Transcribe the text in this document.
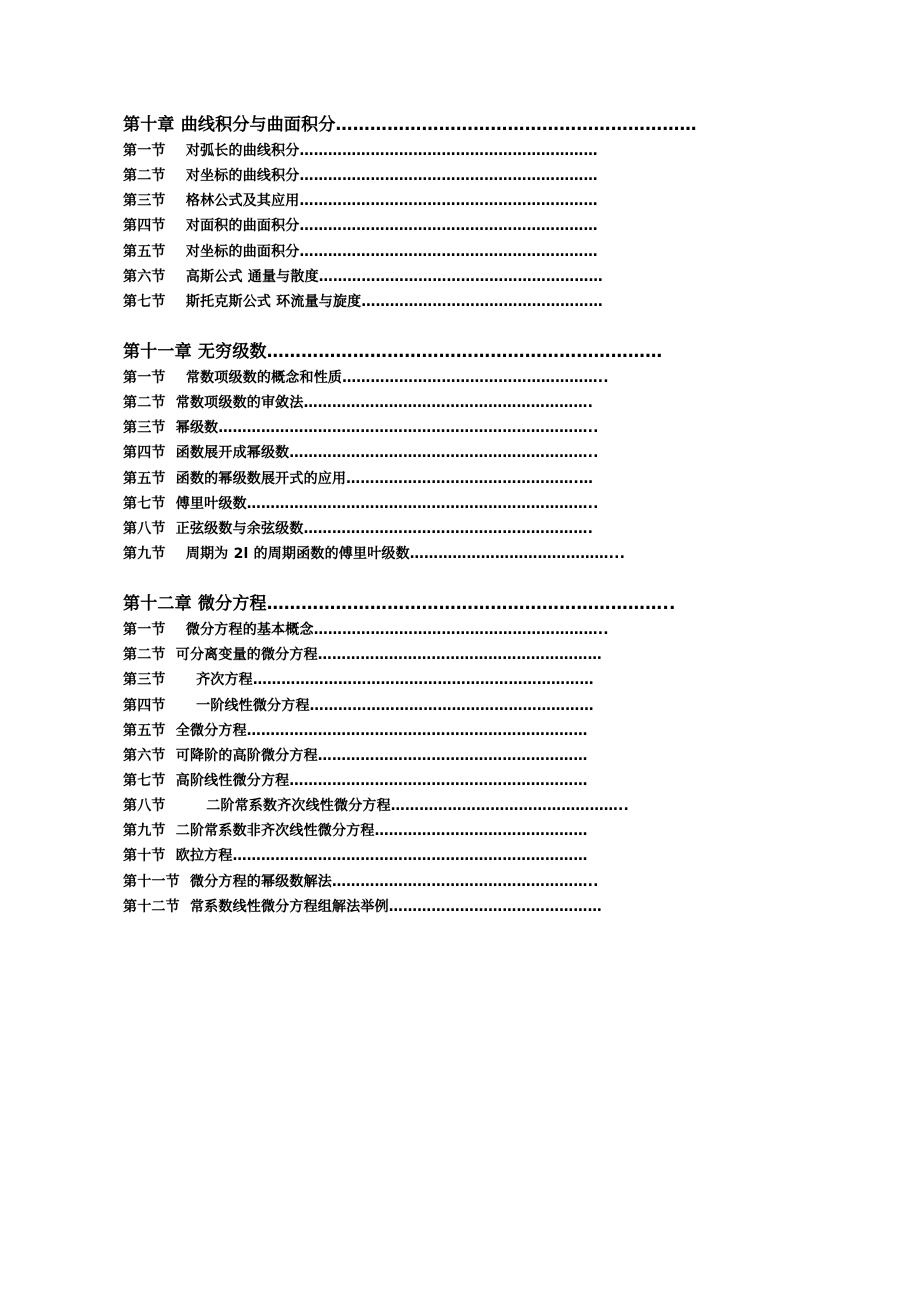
第十章 曲线积分与曲面积分………………………………………………………
第一节 对弧长的曲线积分………………………………………………………
第二节 对坐标的曲线积分………………………………………………………
第三节 格林公式及其应用………………………………………………………
第四节 对面积的曲面积分………………………………………………………
第五节 对坐标的曲面积分………………………………………………………
第六节 高斯公式 通量与散度……………………………………………………
第七节 斯托克斯公式 环流量与旋度……………………………………………
第十一章 无穷级数……………………………………………………………
第一节 常数项级数的概念和性质………………………………………………..
第二节 常数项级数的审敛法…………………………………………………….
第三节 幂级数……………………………………………………………………..
第四节 函数展开成幂级数………………………………………………………..
第五节 函数的幂级数展开式的应用………………………………………….…
第七节 傅里叶级数………………………………………………………………..
第八节 正弦级数与余弦级数…………………………………………………….
第九节 周期为 2l 的周期函数的傅里叶级数……………………………………...
第十二章 微分方程……………………………………………………………..
第一节 微分方程的基本概念……………………………………………………..
第二节 可分离变量的微分方程……………………………………………………
第三节 齐次方程………………………………………………………………
第四节 一阶线性微分方程……………………………………………………
第五节 全微分方程………………………………………………………………
第六节 可降阶的高阶微分方程…………………………………………………
第七节 高阶线性微分方程………………………………………………………
第八节	二阶常系数齐次线性微分方程…………………………………………..
第九节 二阶常系数非齐次线性微分方程………………………………………
第十节 欧拉方程…………………………………………………………………
第十一节 微分方程的幂级数解法………………………………………………..
第十二节 常系数线性微分方程组解法举例………………………………………
